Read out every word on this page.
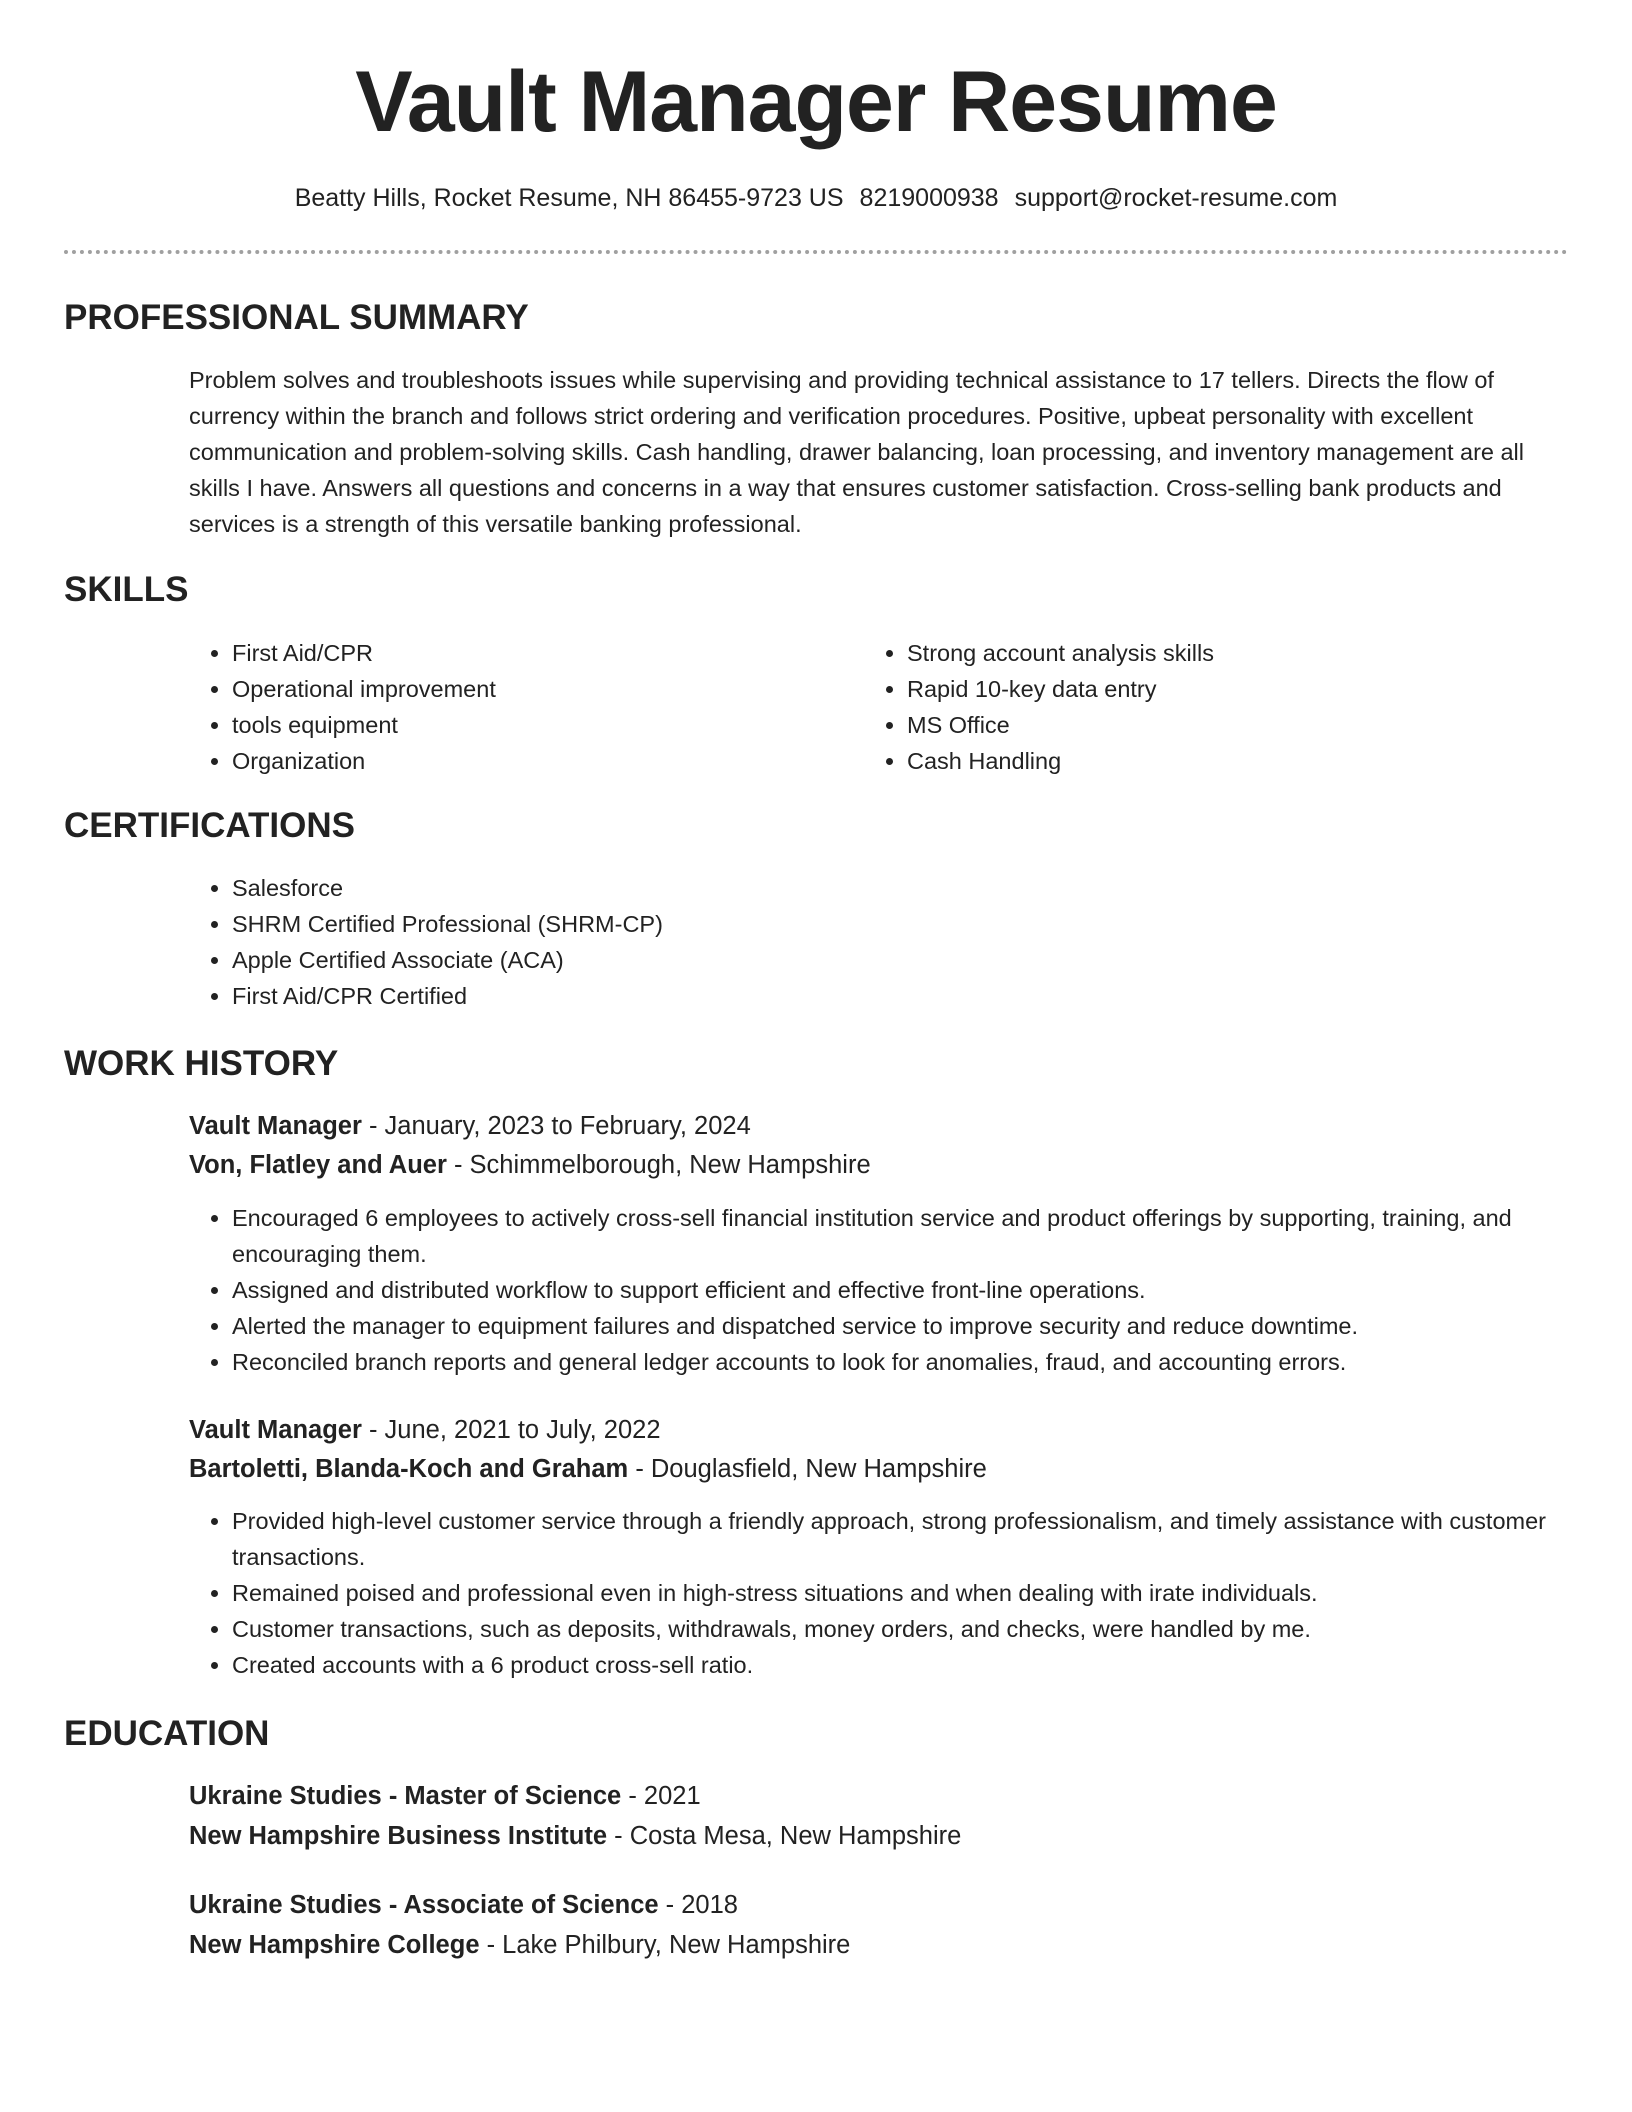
Vault Manager Resume
Beatty Hills, Rocket Resume, NH 86455-9723 US 8219000938 support@rocket-resume.com
PROFESSIONAL SUMMARY

Problem solves and troubleshoots issues while supervising and providing technical assistance to 17 tellers. Directs the flow of currency within the branch and follows strict ordering and verification procedures. Positive, upbeat personality with excellent communication and problem-solving skills. Cash handling, drawer balancing, loan processing, and inventory management are all skills I have. Answers all questions and concerns in a way that ensures customer satisfaction. Cross-selling bank products and services is a strength of this versatile banking professional.

SKILLS
• First Aid/CPR
• Operational improvement
• tools equipment
• Organization
• Strong account analysis skills
• Rapid 10-key data entry
• MS Office
• Cash Handling
CERTIFICATIONS
• Salesforce
• SHRM Certified Professional (SHRM-CP)
• Apple Certified Associate (ACA)
• First Aid/CPR Certified
WORK HISTORY
Vault Manager - January, 2023 to February, 2024
Von, Flatley and Auer - Schimmelborough, New Hampshire
• Encouraged 6 employees to actively cross-sell financial institution service and product offerings by supporting, training, and encouraging them.
• Assigned and distributed workflow to support efficient and effective front-line operations.
• Alerted the manager to equipment failures and dispatched service to improve security and reduce downtime.
• Reconciled branch reports and general ledger accounts to look for anomalies, fraud, and accounting errors.
Vault Manager - June, 2021 to July, 2022
Bartoletti, Blanda-Koch and Graham - Douglasfield, New Hampshire
• Provided high-level customer service through a friendly approach, strong professionalism, and timely assistance with customer transactions.
• Remained poised and professional even in high-stress situations and when dealing with irate individuals.
• Customer transactions, such as deposits, withdrawals, money orders, and checks, were handled by me.
• Created accounts with a 6 product cross-sell ratio.
EDUCATION
Ukraine Studies - Master of Science - 2021
New Hampshire Business Institute - Costa Mesa, New Hampshire
Ukraine Studies - Associate of Science - 2018
New Hampshire College - Lake Philbury, New Hampshire
